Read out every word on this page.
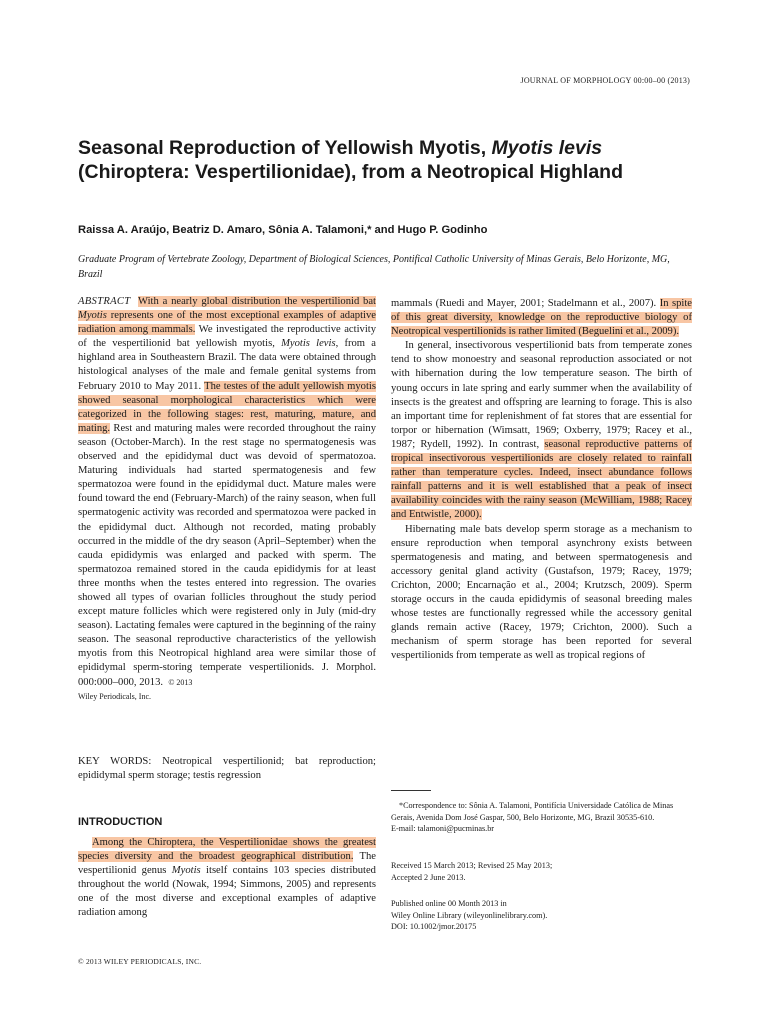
JOURNAL OF MORPHOLOGY 00:00–00 (2013)
Seasonal Reproduction of Yellowish Myotis, Myotis levis (Chiroptera: Vespertilionidae), from a Neotropical Highland
Raissa A. Araújo, Beatriz D. Amaro, Sônia A. Talamoni,* and Hugo P. Godinho
Graduate Program of Vertebrate Zoology, Department of Biological Sciences, Pontifical Catholic University of Minas Gerais, Belo Horizonte, MG, Brazil
ABSTRACT With a nearly global distribution the vespertilionid bat Myotis represents one of the most exceptional examples of adaptive radiation among mammals. We investigated the reproductive activity of the vespertilionid bat yellowish myotis, Myotis levis, from a highland area in Southeastern Brazil. The data were obtained through histological analyses of the male and female genital systems from February 2010 to May 2011. The testes of the adult yellowish myotis showed seasonal morphological characteristics which were categorized in the following stages: rest, maturing, mature, and mating. Rest and maturing males were recorded throughout the rainy season (October-March). In the rest stage no spermatogenesis was observed and the epididymal duct was devoid of spermatozoa. Maturing individuals had started spermatogenesis and few spermatozoa were found in the epididymal duct. Mature males were found toward the end (February-March) of the rainy season, when full spermatogenic activity was recorded and spermatozoa were packed in the epididymal duct. Although not recorded, mating probably occurred in the middle of the dry season (April–September) when the cauda epididymis was enlarged and packed with sperm. The spermatozoa remained stored in the cauda epididymis for at least three months when the testes entered into regression. The ovaries showed all types of ovarian follicles throughout the study period except mature follicles which were registered only in July (mid-dry season). Lactating females were captured in the beginning of the rainy season. The seasonal reproductive characteristics of the yellowish myotis from this Neotropical highland area were similar those of epididymal sperm-storing temperate vespertilionids. J. Morphol. 000:000–000, 2013. © 2013
Wiley Periodicals, Inc.
KEY WORDS: Neotropical vespertilionid; bat reproduction; epididymal sperm storage; testis regression
INTRODUCTION
Among the Chiroptera, the Vespertilionidae shows the greatest species diversity and the broadest geographical distribution. The vespertilionid genus Myotis itself contains 103 species distributed throughout the world (Nowak, 1994; Simmons, 2005) and represents one of the most diverse and exceptional examples of adaptive radiation among

mammals (Ruedi and Mayer, 2001; Stadelmann et al., 2007). In spite of this great diversity, knowledge on the reproductive biology of Neotropical vespertilionids is rather limited (Beguelini et al., 2009).

In general, insectivorous vespertilionid bats from temperate zones tend to show monoestry and seasonal reproduction associated or not with hibernation during the low temperature season. The birth of young occurs in late spring and early summer when the availability of insects is the greatest and offspring are learning to forage. This is also an important time for replenishment of fat stores that are essential for torpor or hibernation (Wimsatt, 1969; Oxberry, 1979; Racey et al., 1987; Rydell, 1992). In contrast, seasonal reproductive patterns of tropical insectivorous vespertilionids are closely related to rainfall rather than temperature cycles. Indeed, insect abundance follows rainfall patterns and it is well established that a peak of insect availability coincides with the rainy season (McWilliam, 1988; Racey and Entwistle, 2000).

Hibernating male bats develop sperm storage as a mechanism to ensure reproduction when temporal asynchrony exists between spermatogenesis and mating, and between spermatogenesis and accessory genital gland activity (Gustafson, 1979; Racey, 1979; Crichton, 2000; Encarnação et al., 2004; Krutzsch, 2009). Sperm storage occurs in the cauda epididymis of seasonal breeding males whose testes are functionally regressed while the accessory genital glands remain active (Racey, 1979; Crichton, 2000). Such a mechanism of sperm storage has been reported for several vespertilionids from temperate as well as tropical regions of

*Correspondence to: Sônia A. Talamoni, Pontifícia Universidade Católica de Minas Gerais, Avenida Dom José Gaspar, 500, Belo Horizonte, MG, Brazil 30535-610.
E-mail: talamoni@pucminas.br
Received 15 March 2013; Revised 25 May 2013;
Accepted 2 June 2013.
Published online 00 Month 2013 in
Wiley Online Library (wileyonlinelibrary.com).
DOI: 10.1002/jmor.20175
© 2013 WILEY PERIODICALS, INC.
